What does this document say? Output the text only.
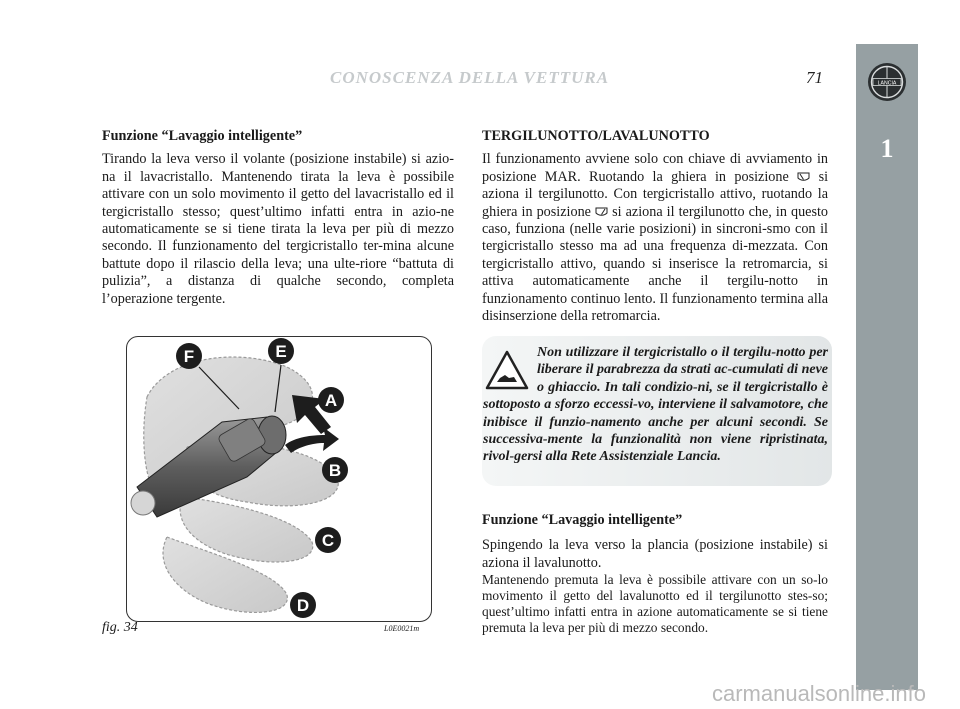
LANCIA
1
CONOSCENZA DELLA VETTURA	71

Funzione “Lavaggio intelligente”

Tirando la leva verso il volante (posizione instabile) si azio-na il lavacristallo. Mantenendo tirata la leva è possibile attivare con un solo movimento il getto del lavacristallo ed il tergicristallo stesso; quest’ultimo infatti entra in azio-ne automaticamente se si tiene tirata la leva per più di mezzo secondo. Il funzionamento del tergicristallo ter-mina alcune battute dopo il rilascio della leva; una ulte-riore “battuta di pulizia”, a distanza di qualche secondo, completa l’operazione tergente.

F	E
A
B
C
D
fig. 34	L0E0021m

TERGILUNOTTO/LAVALUNOTTO

Il funzionamento avviene solo con chiave di avviamento in posizione MAR. Ruotando la ghiera in posizione si aziona il tergilunotto. Con tergicristallo attivo, ruotando la ghiera in posizione si aziona il tergilunotto che, in questo caso, funziona (nelle varie posizioni) in sincroni-smo con il tergicristallo stesso ma ad una frequenza di-mezzata. Con tergicristallo attivo, quando si inserisce la retromarcia, si attiva automaticamente anche il tergilu-notto in funzionamento continuo lento. Il funzionamento termina alla disinserzione della retromarcia.

Non utilizzare il tergicristallo o il tergilu-notto per liberare il parabrezza da strati ac-cumulati di neve o ghiaccio. In tali condizio-ni, se il tergicristallo è sottoposto a sforzo eccessi-vo, interviene il salvamotore, che inibisce il funzio-namento anche per alcuni secondi. Se successiva-mente la funzionalità non viene ripristinata, rivol-gersi alla Rete Assistenziale Lancia.

Funzione “Lavaggio intelligente”

Spingendo la leva verso la plancia (posizione instabile) si aziona il lavalunotto.

Mantenendo premuta la leva è possibile attivare con un so-lo movimento il getto del lavalunotto ed il tergilunotto stes-so; quest’ultimo infatti entra in azione automaticamente se si tiene premuta la leva per più di mezzo secondo.

carmanualsonline.info
